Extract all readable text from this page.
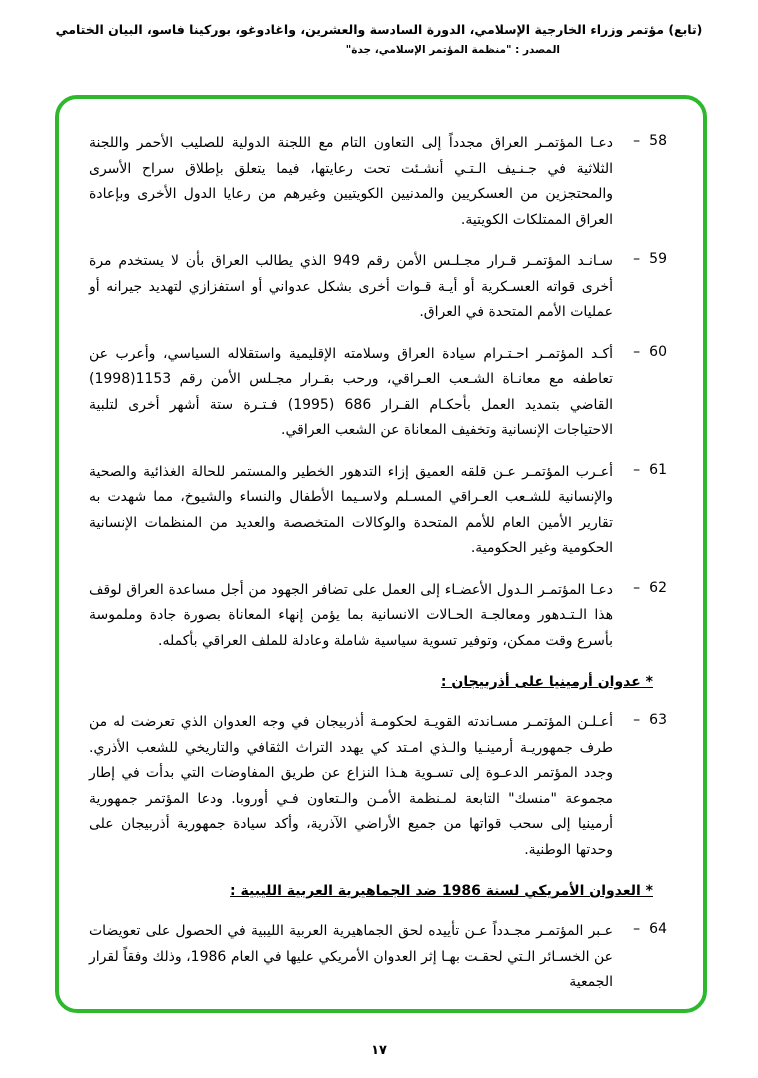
(تابع) مؤتمر وزراء الخارجية الإسلامي، الدورة السادسة والعشرين، واغادوغو، بوركينا فاسو، البيان الختامي
المصدر : "منظمة المؤتمر الإسلامي، جدة"
58
–
دعـا المؤتمـر العراق مجدداً إلى التعاون التام مع اللجنة الدولية للصليب الأحمر واللجنة الثلاثية في جـنـيف الـتـي أنشـئت تحت رعايتها، فيما يتعلق بإطلاق سراح الأسرى والمحتجزين من العسكريين والمدنيين الكويتيين وغيرهم من رعايا الدول الأخرى وبإعادة العراق الممتلكات الكويتية.
59
–
سـانـد المؤتمـر قـرار مجـلـس الأمن رقم 949 الذي يطالب العراق بأن لا يستخدم مرة أخرى قواته العسـكرية أو أيـة قـوات أخرى بشكل عدواني أو استفزازي لتهديد جيرانه أو عمليات الأمم المتحدة في العراق.
60
–
أكـد المؤتمـر احـتـرام سيادة العراق وسلامته الإقليمية واستقلاله السياسي، وأعرب عن تعاطفه مع معانـاة الشـعب العـراقي، ورحب بقـرار مجـلس الأمن رقم 1153(1998) القاضي بتمديد العمل بأحكـام القـرار 686 (1995) فـتـرة ستة أشهر أخرى لتلبية الاحتياجات الإنسانية وتخفيف المعاناة عن الشعب العراقي.
61
–
أعـرب المؤتمـر عـن قلقه العميق إزاء التدهور الخطير والمستمر للحالة الغذائية والصحية والإنسانية للشـعب العـراقي المسـلم ولاسـيما الأطفال والنساء والشيوخ، مما شهدت به تقارير الأمين العام للأمم المتحدة والوكالات المتخصصة والعديد من المنظمات الإنسانية الحكومية وغير الحكومية.
62
–
دعـا المؤتمـر الـدول الأعضـاء إلى العمل على تضافر الجهود من أجل مساعدة العراق لوقف هذا الـتـدهور ومعالجـة الحـالات الانسانية بما يؤمن إنهاء المعاناة بصورة جادة وملموسة بأسرع وقت ممكن، وتوفير تسوية سياسية شاملة وعادلة للملف العراقي بأكمله.
* عدوان أرمينيا على أذربيجان :
63
–
أعـلـن المؤتمـر مسـاندته القويـة لحكومـة أذربيجان في وجه العدوان الذي تعرضت له من طرف جمهوريـة أرمينـيا والـذي امـتد كي يهدد التراث الثقافي والتاريخي للشعب الأذري. وجدد المؤتمر الدعـوة إلى تسـوية هـذا النزاع عن طريق المفاوضات التي بدأت في إطار مجموعة "منسك" التابعة لمـنظمة الأمـن والـتعاون فـي أوروبا. ودعا المؤتمر جمهورية أرمينيا إلى سحب قواتها من جميع الأراضي الآذرية، وأكد سيادة جمهورية أذربيجان على وحدتها الوطنية.
* العدوان الأمريكي لسنة 1986 ضد الجماهيرية العربية الليبية :
64
–
عـبر المؤتمـر مجـدداً عـن تأييده لحق الجماهيرية العربية الليبية في الحصول على تعويضات عن الخسـائر الـتي لحقـت بهـا إثر العدوان الأمريكي عليها في العام 1986، وذلك وفقاً لقرار الجمعية
١٧
